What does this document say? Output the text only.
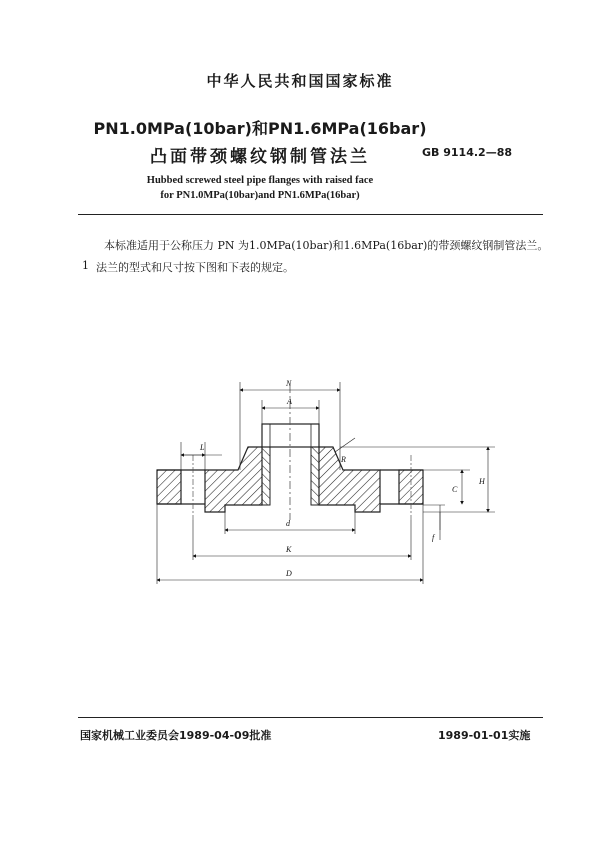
中华人民共和国国家标准
PN1.0MPa(10bar)和PN1.6MPa(16bar)
凸面带颈螺纹钢制管法兰	GB 9114.2—88
Hubbed screwed steel pipe flanges with raised face
for PN1.0MPa(10bar)and PN1.6MPa(16bar)
本标准适用于公称压力 PN 为1.0MPa(10bar)和1.6MPa(16bar)的带颈螺纹钢制管法兰。
1 法兰的型式和尺寸按下图和下表的规定。
N
A
L
R
H
C
f
d
K
D
国家机械工业委员会1989-04-09批准	1989-01-01实施
